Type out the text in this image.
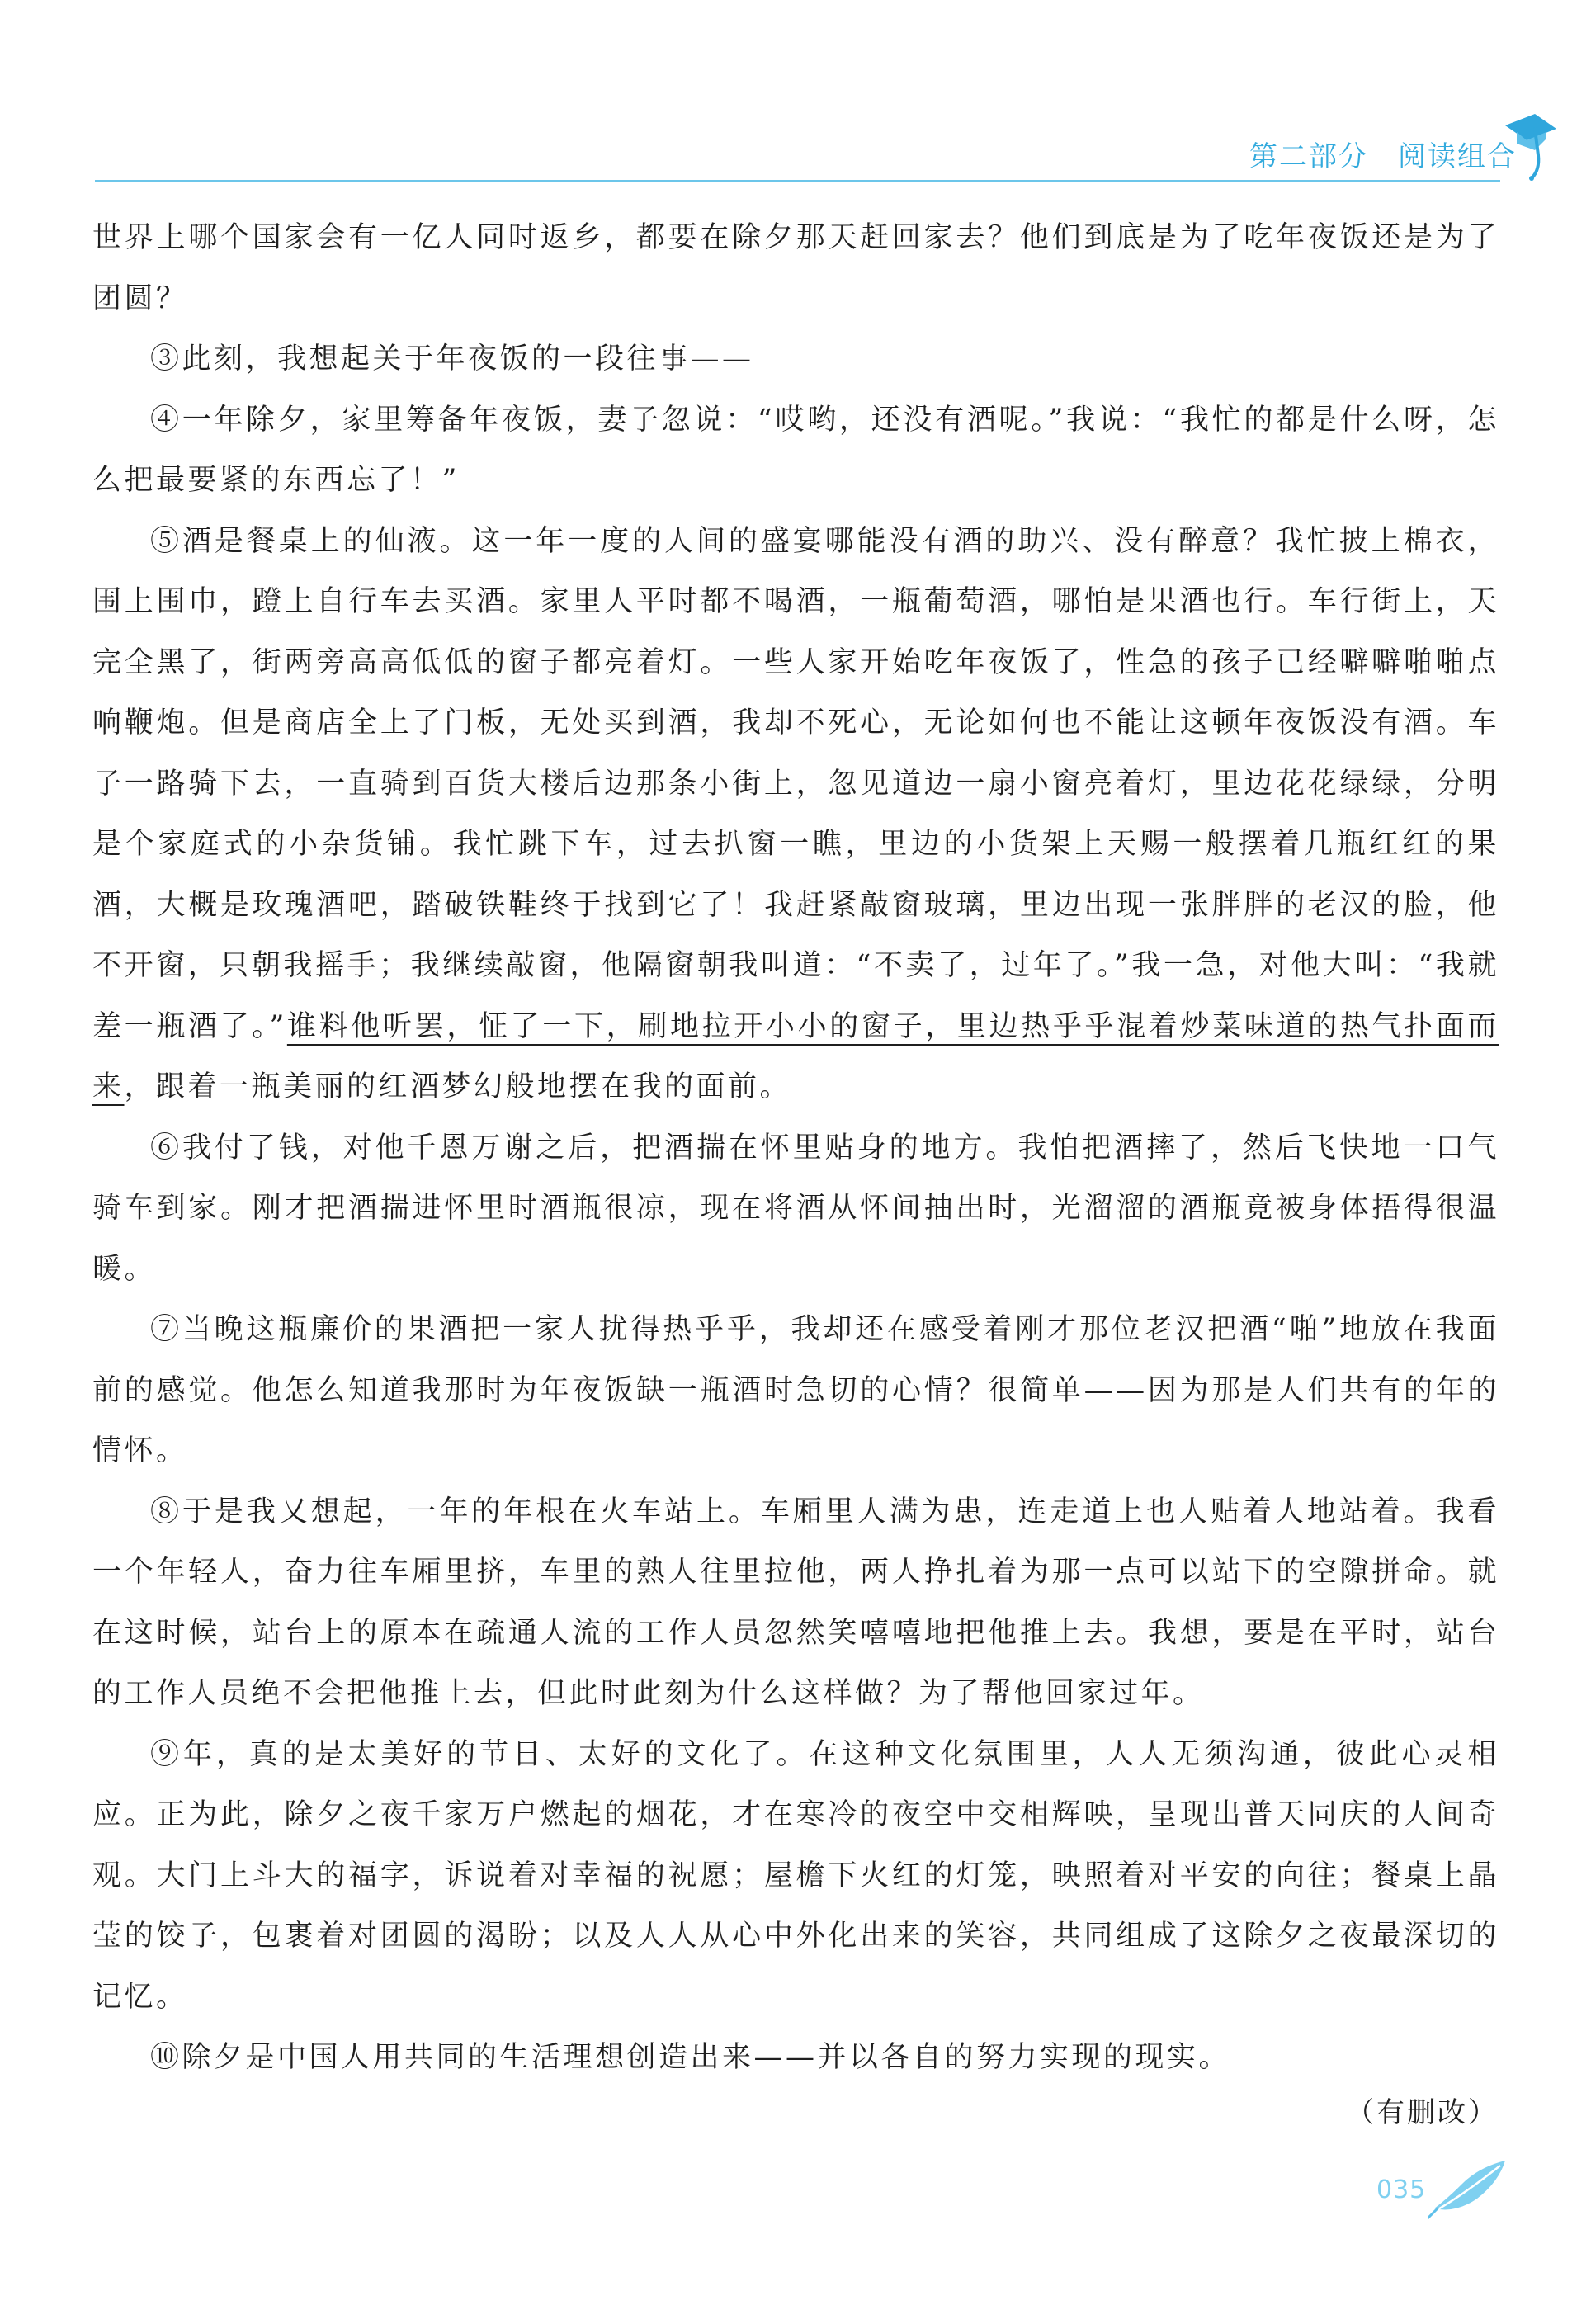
第二部分 阅读组合

世界上哪个国家会有一亿人同时返乡，都要在除夕那天赶回家去？他们到底是为了吃年夜饭还是为了团圆？

③此刻，我想起关于年夜饭的一段往事——

④一年除夕，家里筹备年夜饭，妻子忽说：“哎哟，还没有酒呢。”我说：“我忙的都是什么呀，怎么把最要紧的东西忘了！”

⑤酒是餐桌上的仙液。这一年一度的人间的盛宴哪能没有酒的助兴、没有醉意？我忙披上棉衣，围上围巾，蹬上自行车去买酒。家里人平时都不喝酒，一瓶葡萄酒，哪怕是果酒也行。车行街上，天完全黑了，街两旁高高低低的窗子都亮着灯。一些人家开始吃年夜饭了，性急的孩子已经噼噼啪啪点响鞭炮。但是商店全上了门板，无处买到酒，我却不死心，无论如何也不能让这顿年夜饭没有酒。车子一路骑下去，一直骑到百货大楼后边那条小街上，忽见道边一扇小窗亮着灯，里边花花绿绿，分明是个家庭式的小杂货铺。我忙跳下车，过去扒窗一瞧，里边的小货架上天赐一般摆着几瓶红红的果酒，大概是玫瑰酒吧，踏破铁鞋终于找到它了！我赶紧敲窗玻璃，里边出现一张胖胖的老汉的脸，他不开窗，只朝我摇手；我继续敲窗，他隔窗朝我叫道：“不卖了，过年了。”我一急，对他大叫：“我就差一瓶酒了。”谁料他听罢，怔了一下，刷地拉开小小的窗子，里边热乎乎混着炒菜味道的热气扑面而来，跟着一瓶美丽的红酒梦幻般地摆在我的面前。

⑥我付了钱，对他千恩万谢之后，把酒揣在怀里贴身的地方。我怕把酒摔了，然后飞快地一口气骑车到家。刚才把酒揣进怀里时酒瓶很凉，现在将酒从怀间抽出时，光溜溜的酒瓶竟被身体捂得很温暖。

⑦当晚这瓶廉价的果酒把一家人扰得热乎乎，我却还在感受着刚才那位老汉把酒“啪”地放在我面前的感觉。他怎么知道我那时为年夜饭缺一瓶酒时急切的心情？很简单——因为那是人们共有的年的情怀。

⑧于是我又想起，一年的年根在火车站上。车厢里人满为患，连走道上也人贴着人地站着。我看一个年轻人，奋力往车厢里挤，车里的熟人往里拉他，两人挣扎着为那一点可以站下的空隙拼命。就在这时候，站台上的原本在疏通人流的工作人员忽然笑嘻嘻地把他推上去。我想，要是在平时，站台的工作人员绝不会把他推上去，但此时此刻为什么这样做？为了帮他回家过年。

⑨年，真的是太美好的节日、太好的文化了。在这种文化氛围里，人人无须沟通，彼此心灵相应。正为此，除夕之夜千家万户燃起的烟花，才在寒冷的夜空中交相辉映，呈现出普天同庆的人间奇观。大门上斗大的福字，诉说着对幸福的祝愿；屋檐下火红的灯笼，映照着对平安的向往；餐桌上晶莹的饺子，包裹着对团圆的渴盼；以及人人从心中外化出来的笑容，共同组成了这除夕之夜最深切的记忆。

⑩除夕是中国人用共同的生活理想创造出来——并以各自的努力实现的现实。

（有删改）
035
